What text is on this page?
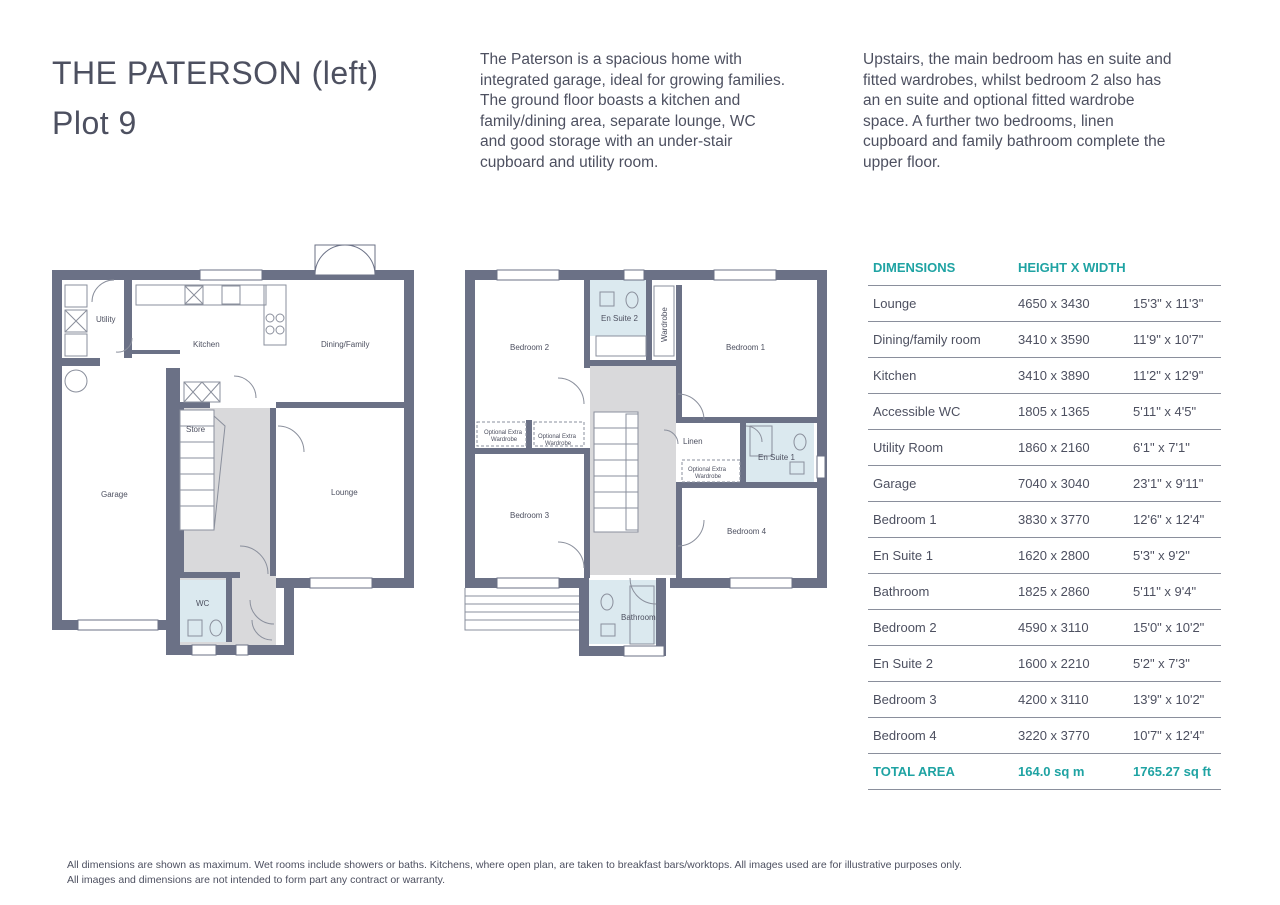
THE PATERSON (left)
Plot 9
The Paterson is a spacious home with
integrated garage, ideal for growing families.
The ground floor boasts a kitchen and
family/dining area, separate lounge, WC
and good storage with an under-stair
cupboard and utility room.
Upstairs, the main bedroom has en suite and
fitted wardrobes, whilst bedroom 2 also has
an en suite and optional fitted wardrobe
space. A further two bedrooms, linen
cupboard and family bathroom complete the
upper floor.
Utility
Kitchen	Dining/Family
Garage
Store
Lounge
WC
Bedroom 2
En Suite 2	Wardrobe
Bedroom 1
Linen
En Suite 1
Bedroom 3
Bedroom 4
Bathroom
Optional Extra
Wardrobe	Optional Extra
Wardrobe
Optional Extra
Wardrobe
DIMENSIONS	HEIGHT X WIDTH	
Lounge	4650 x 3430	15'3" x 11'3"
Dining/family room	3410 x 3590	11'9" x 10'7"
Kitchen	3410 x 3890	11'2" x 12'9"
Accessible WC	1805 x 1365	5'11" x 4'5"
Utility Room	1860 x 2160	6'1" x 7'1"
Garage	7040 x 3040	23'1" x 9'11"
Bedroom 1	3830 x 3770	12'6" x 12'4"
En Suite 1	1620 x 2800	5'3" x 9'2"
Bathroom	1825 x 2860	5'11" x 9'4"
Bedroom 2	4590 x 3110	15'0" x 10'2"
En Suite 2	1600 x 2210	5'2" x 7'3"
Bedroom 3	4200 x 3110	13'9" x 10'2"
Bedroom 4	3220 x 3770	10'7" x 12'4"
TOTAL AREA	164.0 sq m	1765.27 sq ft
All dimensions are shown as maximum. Wet rooms include showers or baths. Kitchens, where open plan, are taken to breakfast bars/worktops. All images used are for illustrative purposes only.
All images and dimensions are not intended to form part any contract or warranty.
